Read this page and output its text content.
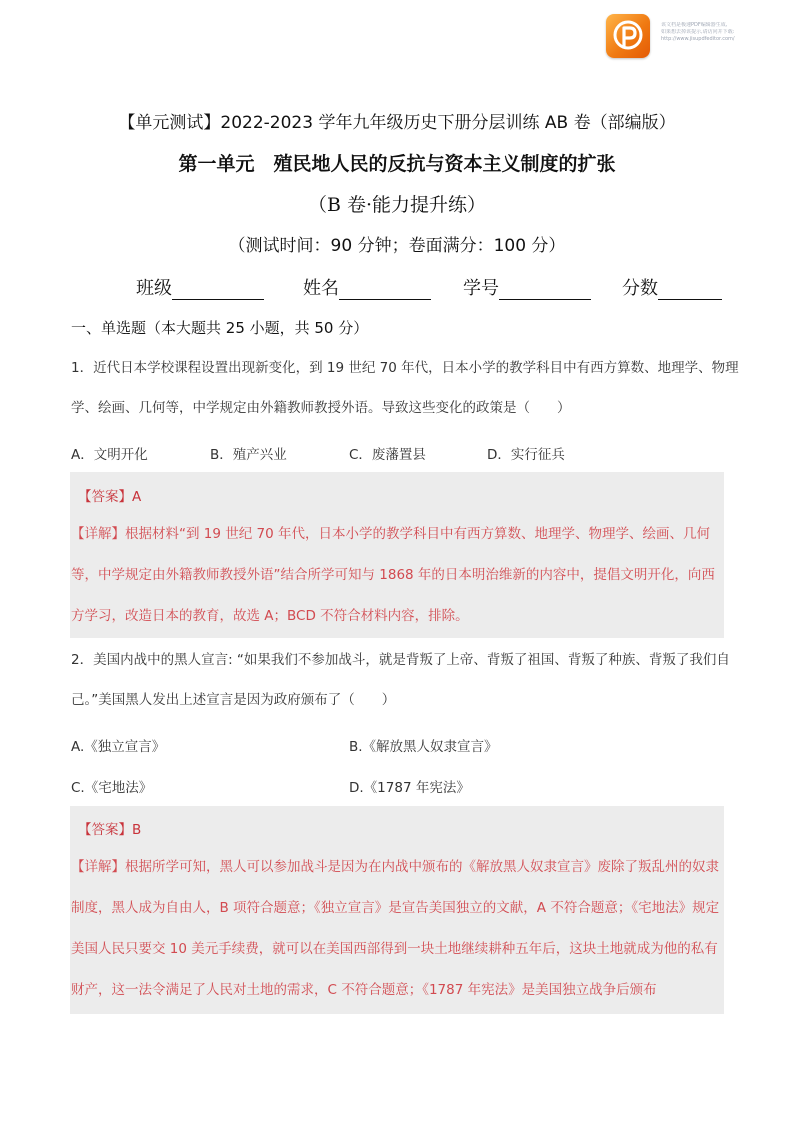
该文档是极速PDF编辑器生成,
如果想去掉该提示,请访问并下载:
http://www.jisupdfeditor.com/
【单元测试】2022-2023 学年九年级历史下册分层训练 AB 卷（部编版）
第一单元　殖民地人民的反抗与资本主义制度的扩张
（B 卷·能力提升练）
（测试时间：90 分钟；卷面满分：100 分）
班级	姓名	学号	分数
一、单选题（本大题共 25 小题，共 50 分）
1．近代日本学校课程设置出现新变化，到 19 世纪 70 年代，日本小学的教学科目中有西方算数、地理学、物理学、绘画、几何等，中学规定由外籍教师教授外语。导致这些变化的政策是（　　）
A．文明开化	B．殖产兴业	C．废藩置县	D．实行征兵
【答案】A
【详解】根据材料“到 19 世纪 70 年代，日本小学的教学科目中有西方算数、地理学、物理学、绘画、几何等，中学规定由外籍教师教授外语”结合所学可知与 1868 年的日本明治维新的内容中，提倡文明开化，向西方学习，改造日本的教育，故选 A；BCD 不符合材料内容，排除。
2．美国内战中的黑人宣言: “如果我们不参加战斗，就是背叛了上帝、背叛了祖国、背叛了种族、背叛了我们自己。”美国黑人发出上述宣言是因为政府颁布了（　　）
A.《独立宣言》	B.《解放黑人奴隶宣言》
C.《宅地法》	D.《1787 年宪法》
【答案】B
【详解】根据所学可知，黑人可以参加战斗是因为在内战中颁布的《解放黑人奴隶宣言》废除了叛乱州的奴隶制度，黑人成为自由人，B 项符合题意；《独立宣言》是宣告美国独立的文献，A 不符合题意；《宅地法》规定美国人民只要交 10 美元手续费，就可以在美国西部得到一块土地继续耕种五年后，这块土地就成为他的私有财产，这一法令满足了人民对土地的需求，C 不符合题意；《1787 年宪法》是美国独立战争后颁布
